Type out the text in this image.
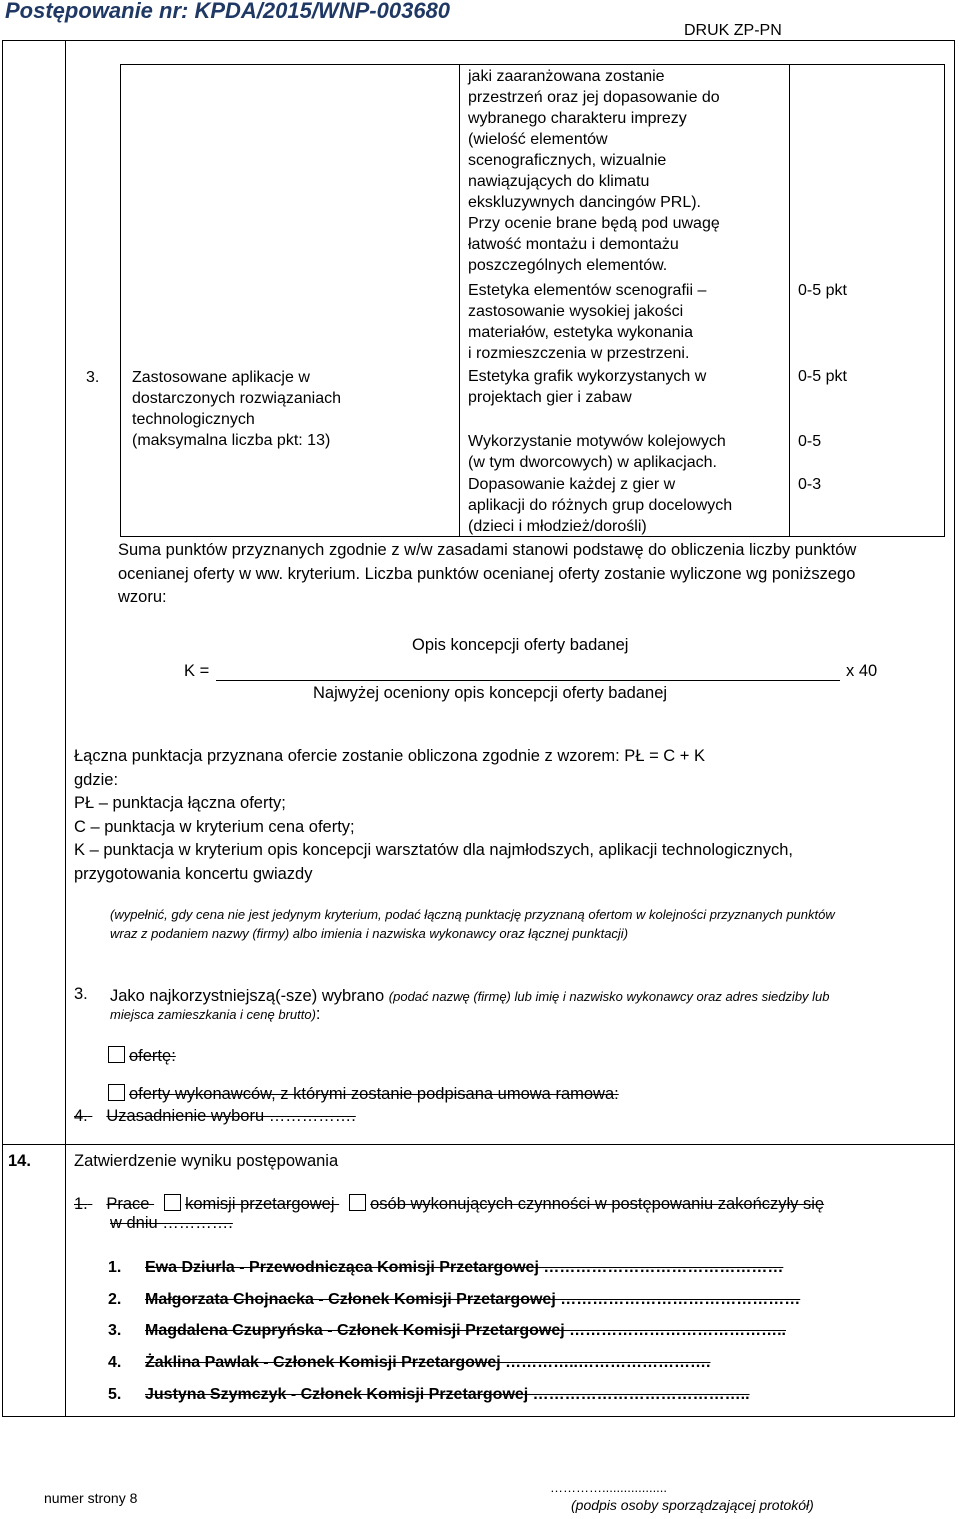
Postępowanie nr: KPDA/2015/WNP-003680
DRUK ZP-PN
3. Zastosowane aplikacje w
dostarczonych rozwiązaniach
technologicznych
(maksymalna liczba pkt: 13)

jaki zaaranżowana zostanie

przestrzeń oraz jej dopasowanie do

wybranego charakteru imprezy

(wielość elementów

scenograficznych, wizualnie

nawiązujących do klimatu

ekskluzywnych dancingów PRL).

Przy ocenie brane będą pod uwagę

łatwość montażu i demontażu

poszczególnych elementów.

Estetyka elementów scenografii –

zastosowanie wysokiej jakości

materiałów, estetyka wykonania

i rozmieszczenia w przestrzeni.

0-5 pkt

Estetyka grafik wykorzystanych w

projektach gier i zabaw

0-5 pkt

Wykorzystanie motywów kolejowych

(w tym dworcowych) w aplikacjach.

0-5

Dopasowanie każdej z gier w

aplikacji do różnych grup docelowych

(dzieci i młodzież/dorośli)

0-3
Suma punktów przyznanych zgodnie z w/w zasadami stanowi podstawę do obliczenia liczby punktów
ocenianej oferty w ww. kryterium. Liczba punktów ocenianej oferty zostanie wyliczone wg poniższego
wzoru:
Opis koncepcji oferty badanej
K =	x 40
Najwyżej oceniony opis koncepcji oferty badanej
Łączna punktacja przyznana ofercie zostanie obliczona zgodnie z wzorem: PŁ = C + K
gdzie:
PŁ – punktacja łączna oferty;
C – punktacja w kryterium cena oferty;
K – punktacja w kryterium opis koncepcji warsztatów dla najmłodszych, aplikacji technologicznych,
przygotowania koncertu gwiazdy
(wypełnić, gdy cena nie jest jedynym kryterium, podać łączną punktację przyznaną ofertom w kolejności przyznanych punktów
wraz z podaniem nazwy (firmy) albo imienia i nazwiska wykonawcy oraz łącznej punktacji)
3. Jako najkorzystniejszą(-sze) wybrano (podać nazwę (firmę) lub imię i nazwisko wykonawcy oraz adres siedziby lub
miejsca zamieszkania i cenę brutto):
ofertę:
oferty wykonawców, z którymi zostanie podpisana umowa ramowa:
4. Uzasadnienie wyboru …………….
14.	Zatwierdzenie wyniku postępowania
1. Prace komisji przetargowej osób wykonujących czynności w postępowaniu zakończyły się
w dniu ………….
1. Ewa Dziurla - Przewodnicząca Komisji Przetargowej ………………………………………
2. Małgorzata Chojnacka - Członek Komisji Przetargowej ………………………………………
3. Magdalena Czupryńska - Członek Komisji Przetargowej …………………………………..
4. Żaklina Pawlak - Członek Komisji Przetargowej …………..…………………….
5. Justyna Szymczyk - Członek Komisji Przetargowej …………………………………..
numer strony 8
…………..................
(podpis osoby sporządzającej protokół)
